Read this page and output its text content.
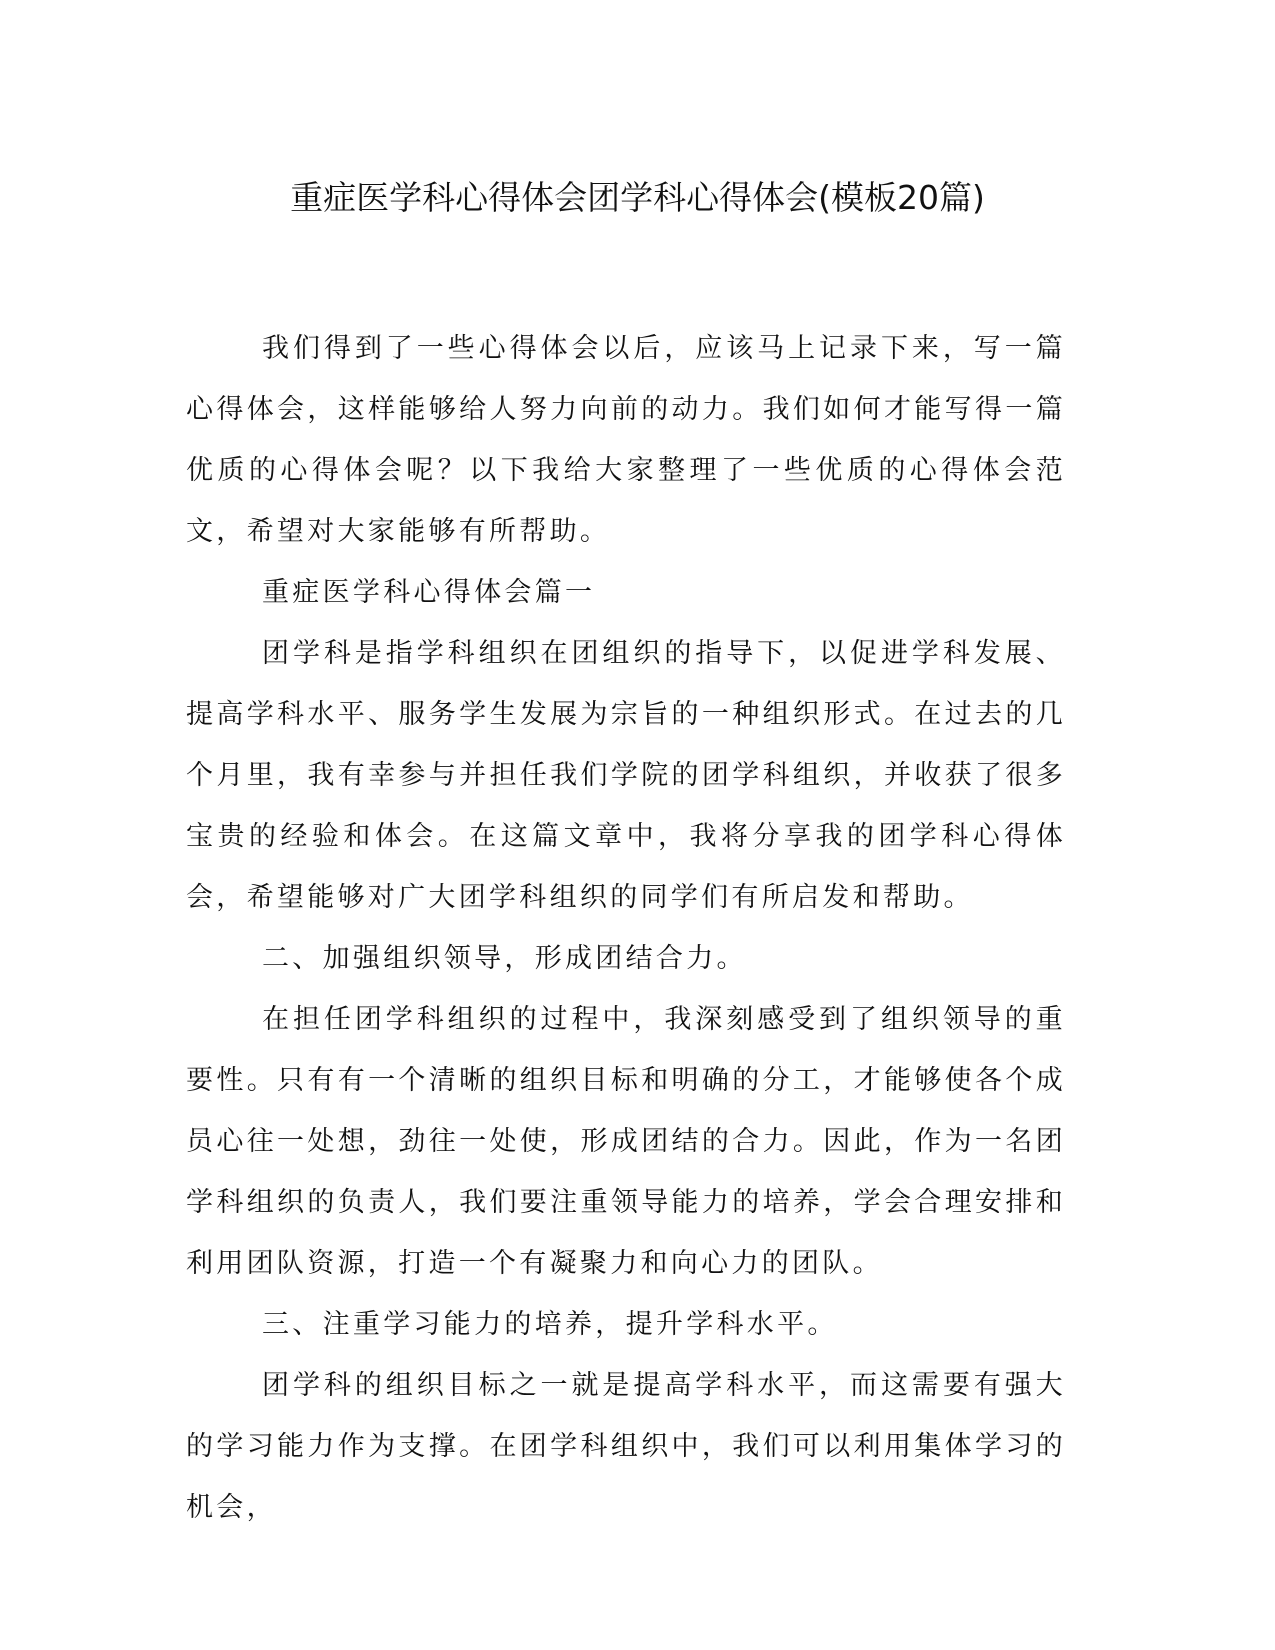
重症医学科心得体会团学科心得体会(模板20篇)

我们得到了一些心得体会以后，应该马上记录下来，写一篇心得体会，这样能够给人努力向前的动力。我们如何才能写得一篇优质的心得体会呢？以下我给大家整理了一些优质的心得体会范文，希望对大家能够有所帮助。

重症医学科心得体会篇一

团学科是指学科组织在团组织的指导下，以促进学科发展、提高学科水平、服务学生发展为宗旨的一种组织形式。在过去的几个月里，我有幸参与并担任我们学院的团学科组织，并收获了很多宝贵的经验和体会。在这篇文章中，我将分享我的团学科心得体会，希望能够对广大团学科组织的同学们有所启发和帮助。

二、加强组织领导，形成团结合力。

在担任团学科组织的过程中，我深刻感受到了组织领导的重要性。只有有一个清晰的组织目标和明确的分工，才能够使各个成员心往一处想，劲往一处使，形成团结的合力。因此，作为一名团学科组织的负责人，我们要注重领导能力的培养，学会合理安排和利用团队资源，打造一个有凝聚力和向心力的团队。

三、注重学习能力的培养，提升学科水平。

团学科的组织目标之一就是提高学科水平，而这需要有强大的学习能力作为支撑。在团学科组织中，我们可以利用集体学习的机会，
